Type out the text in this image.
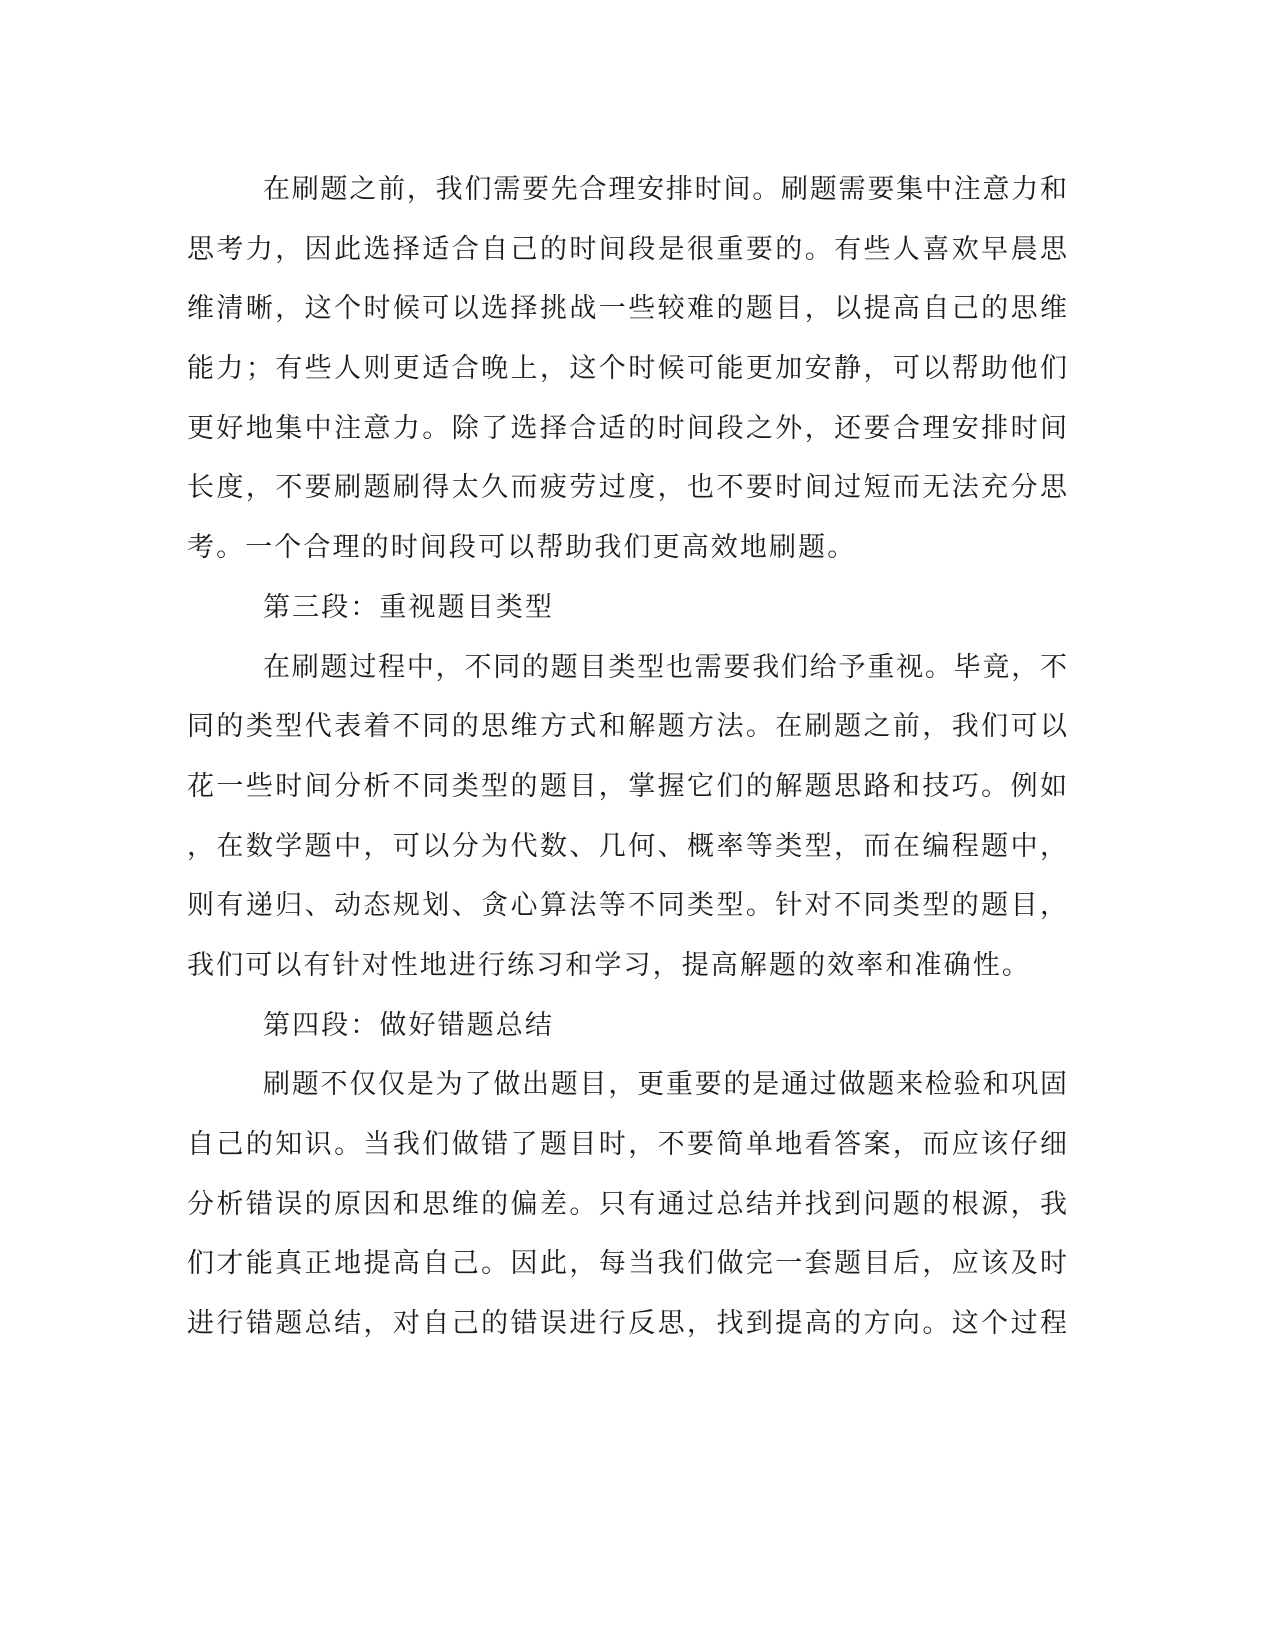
在刷题之前，我们需要先合理安排时间。刷题需要集中注意力和
思考力，因此选择适合自己的时间段是很重要的。有些人喜欢早晨思
维清晰，这个时候可以选择挑战一些较难的题目，以提高自己的思维
能力；有些人则更适合晚上，这个时候可能更加安静，可以帮助他们
更好地集中注意力。除了选择合适的时间段之外，还要合理安排时间
长度，不要刷题刷得太久而疲劳过度，也不要时间过短而无法充分思
考。一个合理的时间段可以帮助我们更高效地刷题。
第三段：重视题目类型
在刷题过程中，不同的题目类型也需要我们给予重视。毕竟，不
同的类型代表着不同的思维方式和解题方法。在刷题之前，我们可以
花一些时间分析不同类型的题目，掌握它们的解题思路和技巧。例如
，在数学题中，可以分为代数、几何、概率等类型，而在编程题中，
则有递归、动态规划、贪心算法等不同类型。针对不同类型的题目，
我们可以有针对性地进行练习和学习，提高解题的效率和准确性。
第四段：做好错题总结
刷题不仅仅是为了做出题目，更重要的是通过做题来检验和巩固
自己的知识。当我们做错了题目时，不要简单地看答案，而应该仔细
分析错误的原因和思维的偏差。只有通过总结并找到问题的根源，我
们才能真正地提高自己。因此，每当我们做完一套题目后，应该及时
进行错题总结，对自己的错误进行反思，找到提高的方向。这个过程
